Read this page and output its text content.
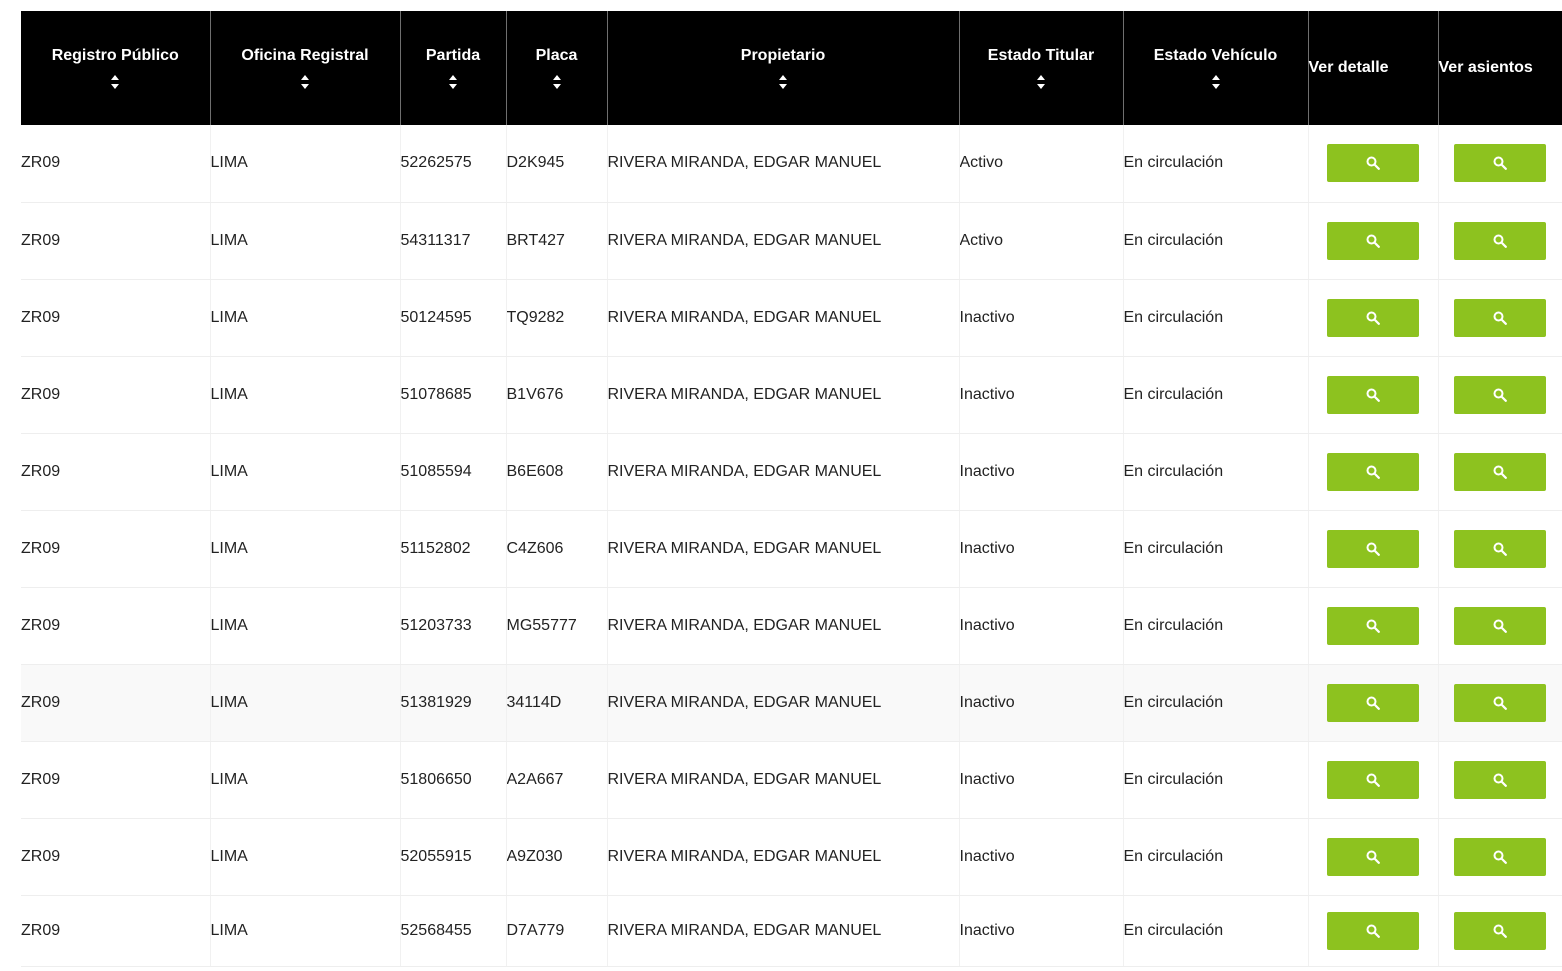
Registro Público	Oficina Registral	Partida	Placa	Propietario	Estado Titular	Estado Vehículo	Ver detalle	Ver asientos

ZR09	LIMA	52262575	D2K945	RIVERA MIRANDA, EDGAR MANUEL	Activo	En circulación	

ZR09	LIMA	54311317	BRT427	RIVERA MIRANDA, EDGAR MANUEL	Activo	En circulación	

ZR09	LIMA	50124595	TQ9282	RIVERA MIRANDA, EDGAR MANUEL	Inactivo	En circulación	

ZR09	LIMA	51078685	B1V676	RIVERA MIRANDA, EDGAR MANUEL	Inactivo	En circulación	

ZR09	LIMA	51085594	B6E608	RIVERA MIRANDA, EDGAR MANUEL	Inactivo	En circulación	

ZR09	LIMA	51152802	C4Z606	RIVERA MIRANDA, EDGAR MANUEL	Inactivo	En circulación	

ZR09	LIMA	51203733	MG55777	RIVERA MIRANDA, EDGAR MANUEL	Inactivo	En circulación	

ZR09	LIMA	51381929	34114D	RIVERA MIRANDA, EDGAR MANUEL	Inactivo	En circulación	

ZR09	LIMA	51806650	A2A667	RIVERA MIRANDA, EDGAR MANUEL	Inactivo	En circulación	

ZR09	LIMA	52055915	A9Z030	RIVERA MIRANDA, EDGAR MANUEL	Inactivo	En circulación	

ZR09	LIMA	52568455	D7A779	RIVERA MIRANDA, EDGAR MANUEL	Inactivo	En circulación	
